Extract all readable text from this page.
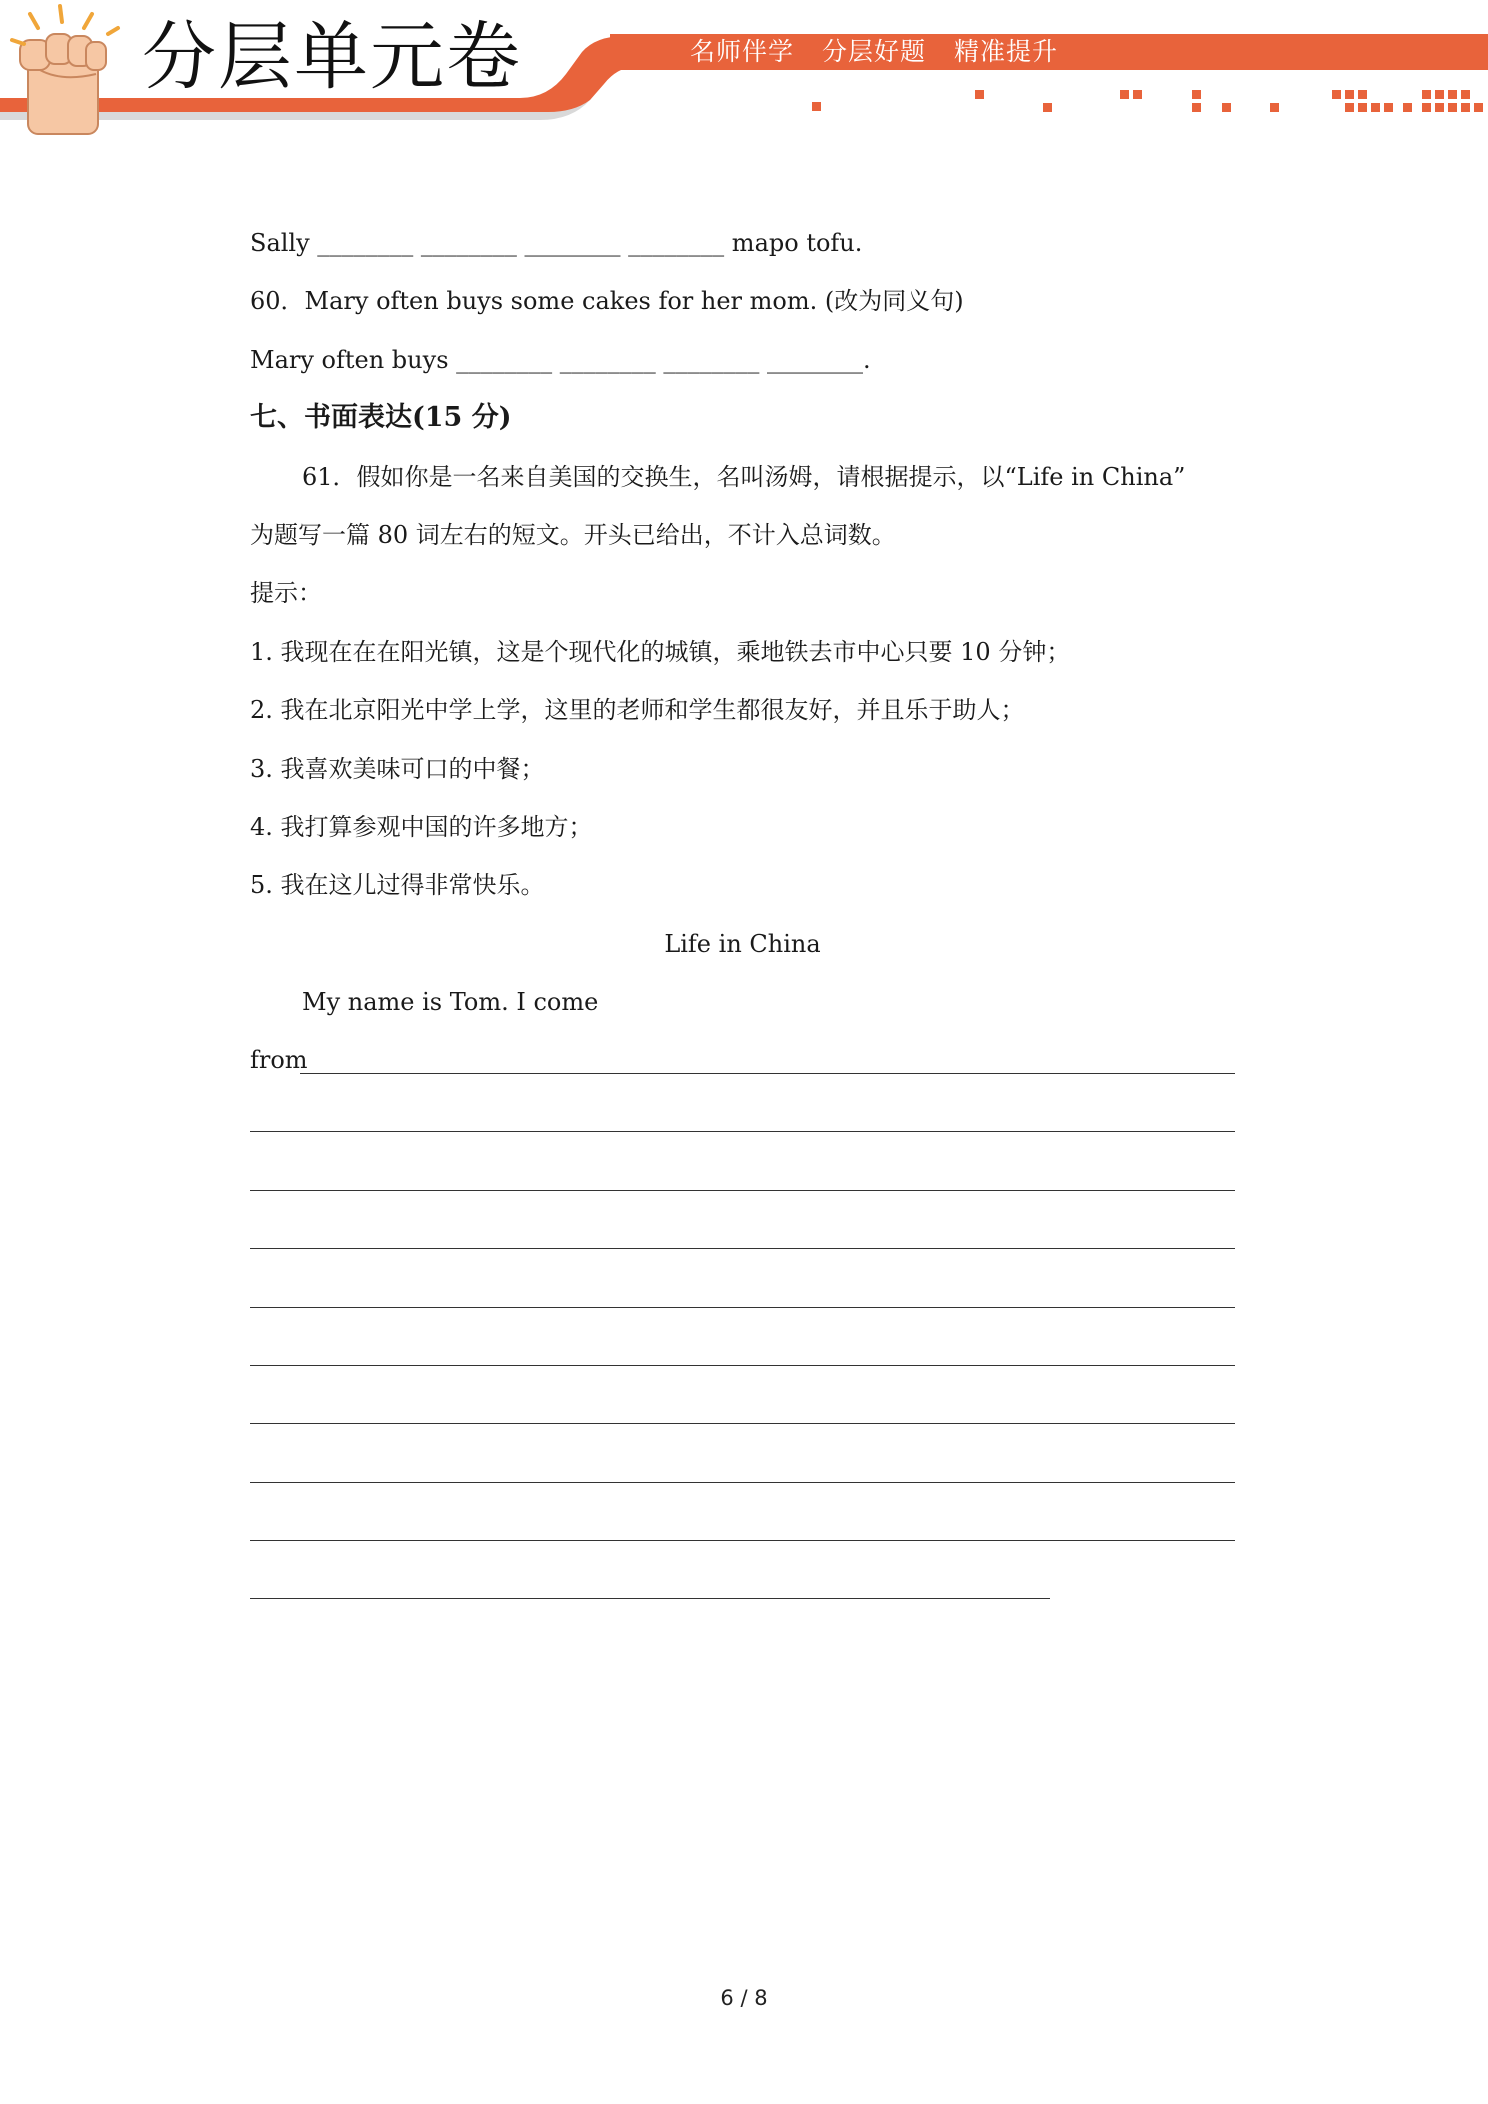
分层单元卷	名师伴学 分层好题 精准提升
Sally ________ ________ ________ ________ mapo tofu.
60．Mary often buys some cakes for her mom. (改为同义句)
Mary often buys ________ ________ ________ ________.
七、书面表达(15 分)
61．假如你是一名来自美国的交换生，名叫汤姆，请根据提示，以“Life in China”
为题写一篇 80 词左右的短文。开头已给出，不计入总词数。
提示：
1. 我现在在在阳光镇，这是个现代化的城镇，乘地铁去市中心只要 10 分钟；
2. 我在北京阳光中学上学，这里的老师和学生都很友好，并且乐于助人；
3. 我喜欢美味可口的中餐；
4. 我打算参观中国的许多地方；
5. 我在这儿过得非常快乐。
Life in China
My name is Tom. I come
from
6 / 8
